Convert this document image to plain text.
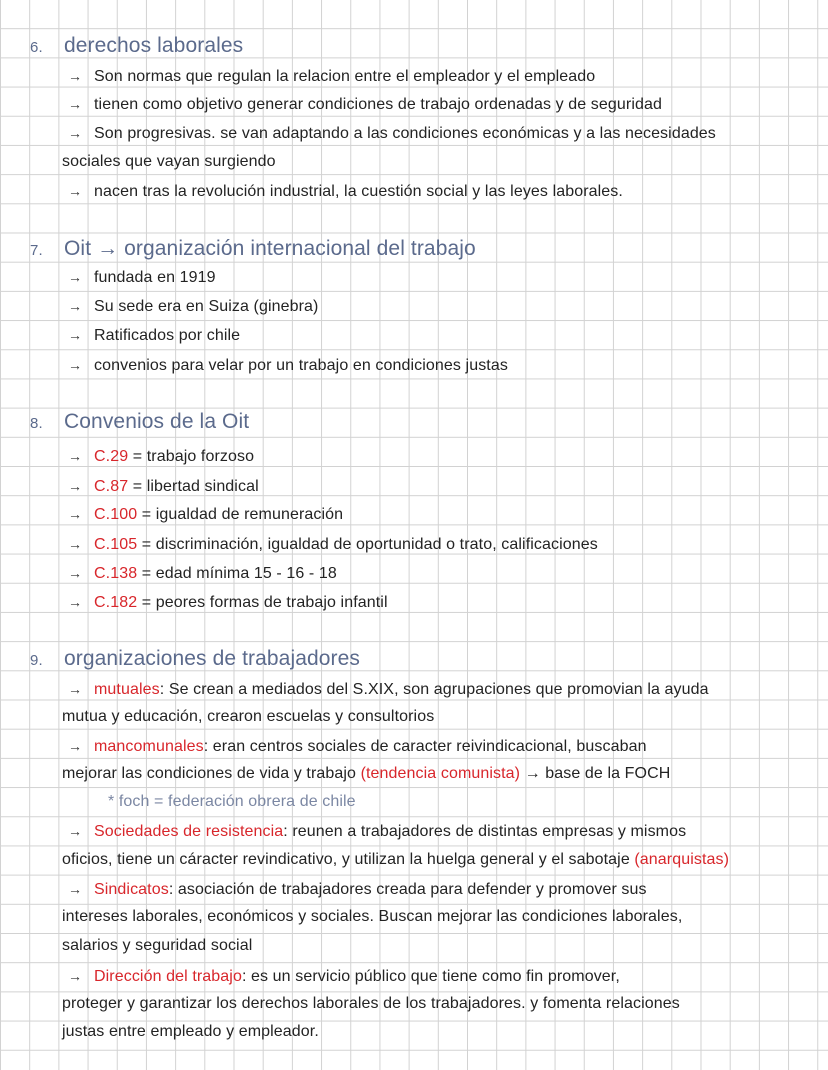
6. derechos laborales
→ Son normas que regulan la relacion entre el empleador y el empleado
→ tienen como objetivo generar condiciones de trabajo ordenadas y de seguridad
→ Son progresivas. se van adaptando a las condiciones económicas y a las necesidades
sociales que vayan surgiendo
→ nacen tras la revolución industrial, la cuestión social y las leyes laborales.
7. Oit → organización internacional del trabajo
→ fundada en 1919
→ Su sede era en Suiza (ginebra)
→ Ratificados por chile
→ convenios para velar por un trabajo en condiciones justas
8. Convenios de la Oit
→ C.29 = trabajo forzoso
→ C.87 = libertad sindical
→ C.100 = igualdad de remuneración
→ C.105 = discriminación, igualdad de oportunidad o trato, calificaciones
→ C.138 = edad mínima 15 - 16 - 18
→ C.182 = peores formas de trabajo infantil
9. organizaciones de trabajadores
→ mutuales: Se crean a mediados del S.XIX, son agrupaciones que promovian la ayuda
mutua y educación, crearon escuelas y consultorios
→ mancomunales: eran centros sociales de caracter reivindicacional, buscaban
mejorar las condiciones de vida y trabajo (tendencia comunista) → base de la FOCH
* foch = federación obrera de chile
→ Sociedades de resistencia: reunen a trabajadores de distintas empresas y mismos
oficios, tiene un cáracter revindicativo, y utilizan la huelga general y el sabotaje (anarquistas)
→ Sindicatos: asociación de trabajadores creada para defender y promover sus
intereses laborales, económicos y sociales. Buscan mejorar las condiciones laborales,
salarios y seguridad social
→ Dirección del trabajo: es un servicio público que tiene como fin promover,
proteger y garantizar los derechos laborales de los trabajadores. y fomenta relaciones
justas entre empleado y empleador.
